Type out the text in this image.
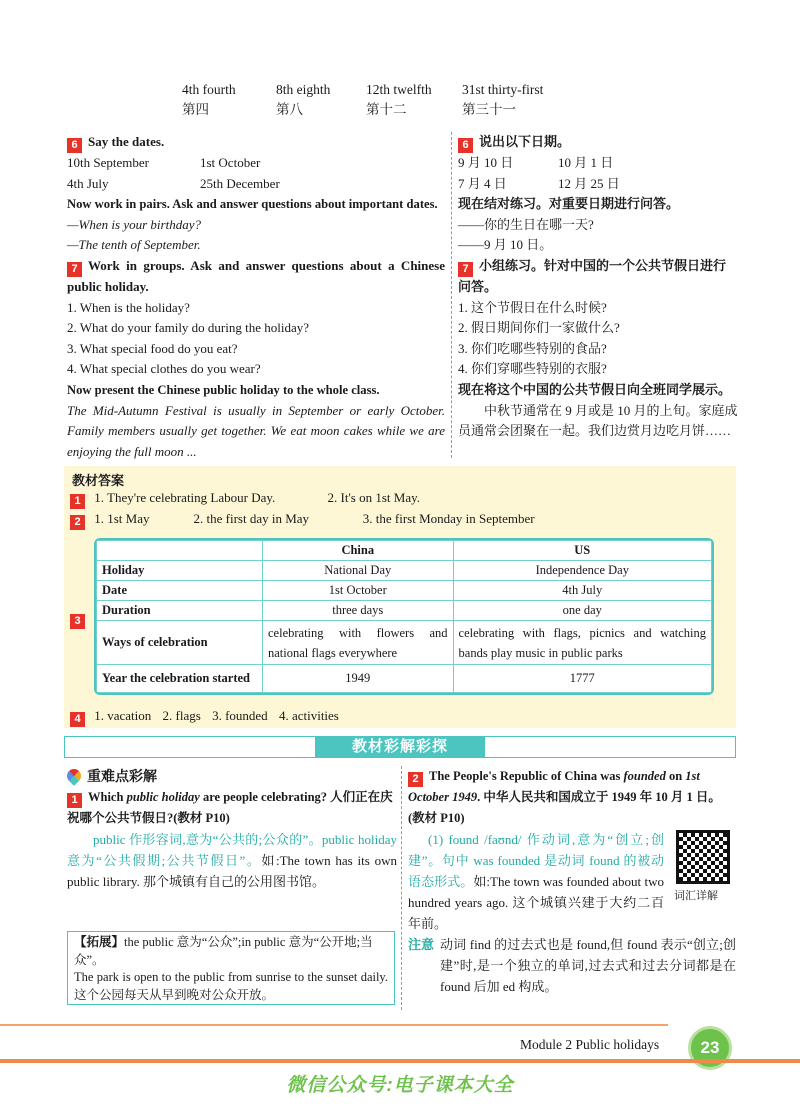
4th fourth	8th eighth	12th twelfth	31st thirty-first
第四	第八	第十二	第三十一
6 Say the dates.
10th September	1st October
4th July	25th December
Now work in pairs. Ask and answer questions about important dates.
—When is your birthday?
—The tenth of September.
7 Work in groups. Ask and answer questions about a Chinese public holiday.
1. When is the holiday?
2. What do your family do during the holiday?
3. What special food do you eat?
4. What special clothes do you wear?
Now present the Chinese public holiday to the whole class.
The Mid-Autumn Festival is usually in September or early October. Family members usually get together. We eat moon cakes while we are enjoying the full moon ...
6 说出以下日期。
9 月 10 日	10 月 1 日
7 月 4 日	12 月 25 日
现在结对练习。对重要日期进行问答。
——你的生日在哪一天?
——9 月 10 日。
7 小组练习。针对中国的一个公共节假日进行问答。
1. 这个节假日在什么时候?
2. 假日期间你们一家做什么?
3. 你们吃哪些特别的食品?
4. 你们穿哪些特别的衣服?
现在将这个中国的公共节假日向全班同学展示。
中秋节通常在 9 月或是 10 月的上旬。家庭成员通常会团聚在一起。我们边赏月边吃月饼……
教材答案
1 1. They're celebrating Labour Day.	2. It's on 1st May.
2 1. 1st May	2. the first day in May	3. the first Monday in September
3
	China	US
Holiday	National Day	Independence Day
Date	1st October	4th July
Duration	three days	one day
Ways of celebration	celebrating with flowers and national flags everywhere	celebrating with flags, picnics and watching bands play music in public parks
Year the celebration started	1949	1777
4 1. vacation 2. flags 3. founded 4. activities
教材彩解彩探
重难点彩解
1 Which public holiday are people celebrating? 人们正在庆祝哪个公共节假日?(教材 P10)
public 作形容词,意为“公共的;公众的”。public holiday 意为“公共假期;公共节假日”。如:The town has its own public library. 那个城镇有自己的公用图书馆。
【拓展】the public 意为“公众”;in public 意为“公开地;当众”。
The park is open to the public from sunrise to the sunset daily. 这个公园每天从早到晚对公众开放。
2 The People's Republic of China was founded on 1st October 1949. 中华人民共和国成立于 1949 年 10 月 1 日。(教材 P10)
(1) found /faʊnd/ 作动词,意为“创立;创建”。句中 was founded 是动词 found 的被动语态形式。如:The town was founded about two hundred years ago. 这个城镇兴建于大约二百年前。
词汇详解
注意 动词 find 的过去式也是 found,但 found 表示“创立;创建”时,是一个独立的单词,过去式和过去分词都是在 found 后加 ed 构成。
Module 2 Public holidays	23
微信公众号:电子课本大全
